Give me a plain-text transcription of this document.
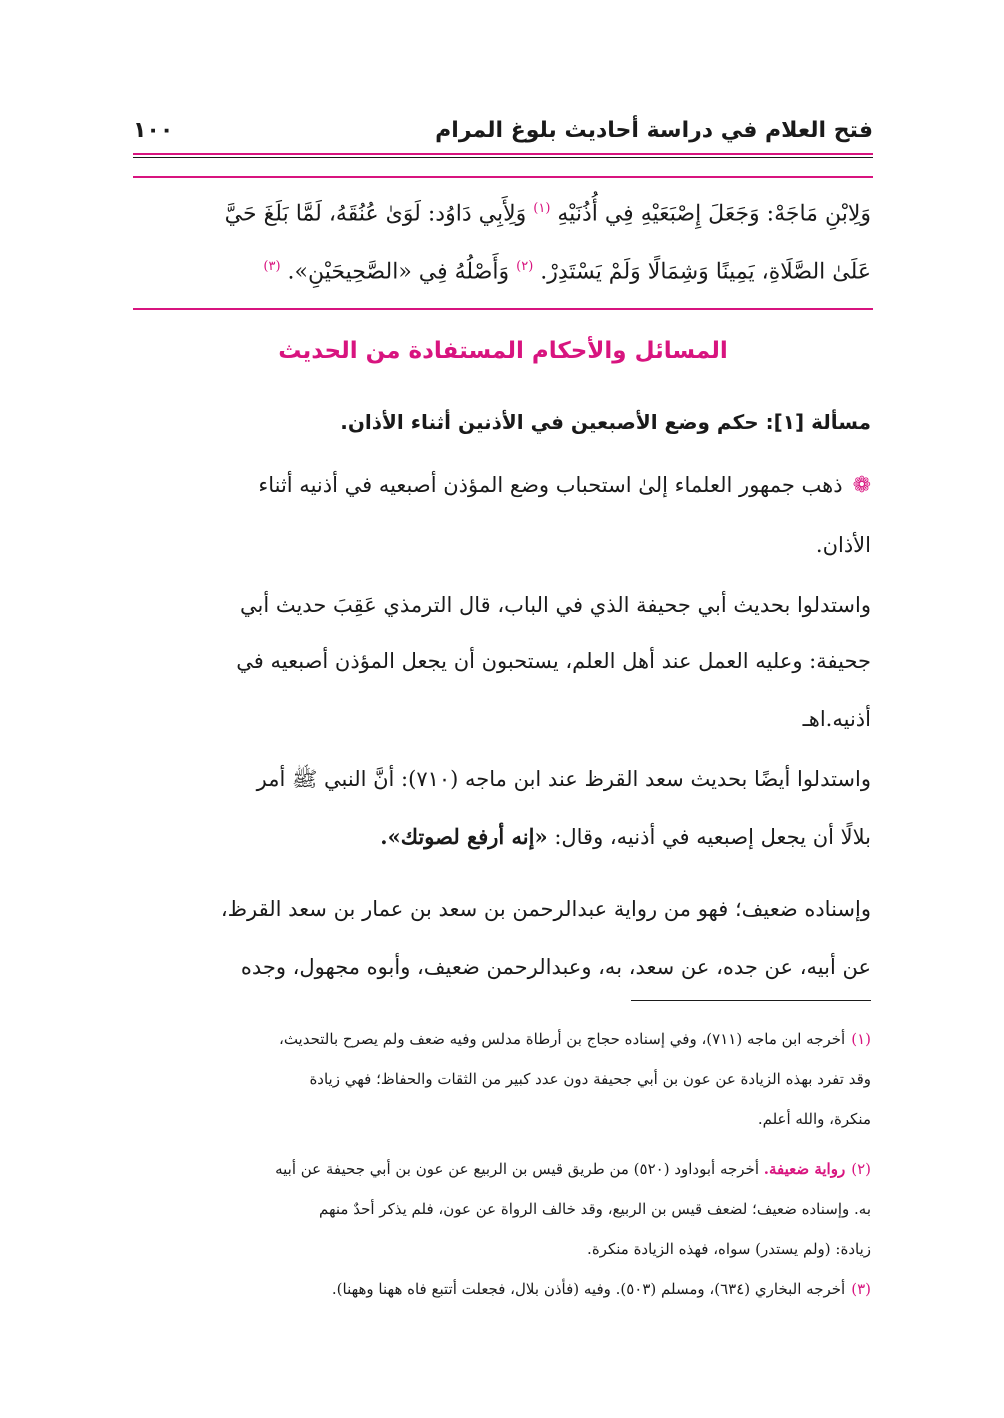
فتح العلام في دراسة أحاديث بلوغ المرام
١٠٠
وَلِابْنِ مَاجَهْ: وَجَعَلَ إِصْبَعَيْهِ فِي أُذُنَيْهِ $^{(١)}$ وَلِأَبِي دَاوُد: لَوَىٰ عُنُقَهُ، لَمَّا بَلَغَ حَيَّ
عَلَىٰ الصَّلَاةِ، يَمِينًا وَشِمَالًا وَلَمْ يَسْتَدِرْ. $^{(٢)}$ وَأَصْلُهُ فِي «الصَّحِيحَيْنِ». $^{(٣)}$
المسائل والأحكام المستفادة من الحديث
مسألة [١]: حكم وضع الأصبعين في الأذنين أثناء الأذان.
❁ذهب جمهور العلماء إلىٰ استحباب وضع المؤذن أصبعيه في أذنيه أثناء
الأذان.
واستدلوا بحديث أبي جحيفة الذي في الباب، قال الترمذي عَقِبَ حديث أبي
جحيفة: وعليه العمل عند أهل العلم، يستحبون أن يجعل المؤذن أصبعيه في
أذنيه.اهـ
واستدلوا أيضًا بحديث سعد القرظ عند ابن ماجه (٧١٠): أنَّ النبي ﷺ أمر
بلالًا أن يجعل إصبعيه في أذنيه، وقال: «إنه أرفع لصوتك».
وإسناده ضعيف؛ فهو من رواية عبدالرحمن بن سعد بن عمار بن سعد القرظ،
عن أبيه، عن جده، عن سعد، به، وعبدالرحمن ضعيف، وأبوه مجهول، وجده
(١)أخرجه ابن ماجه (٧١١)، وفي إسناده حجاج بن أرطاة مدلس وفيه ضعف ولم يصرح بالتحديث،
وقد تفرد بهذه الزيادة عن عون بن أبي جحيفة دون عدد كبير من الثقات والحفاظ؛ فهي زيادة
منكرة، والله أعلم.
(٢)رواية ضعيفة. أخرجه أبوداود (٥٢٠) من طريق قيس بن الربيع عن عون بن أبي جحيفة عن أبيه
به. وإسناده ضعيف؛ لضعف قيس بن الربيع، وقد خالف الرواة عن عون، فلم يذكر أحدٌ منهم
زيادة: (ولم يستدر) سواه، فهذه الزيادة منكرة.
(٣)أخرجه البخاري (٦٣٤)، ومسلم (٥٠٣). وفيه (فأذن بلال، فجعلت أتتبع فاه ههنا وههنا).
